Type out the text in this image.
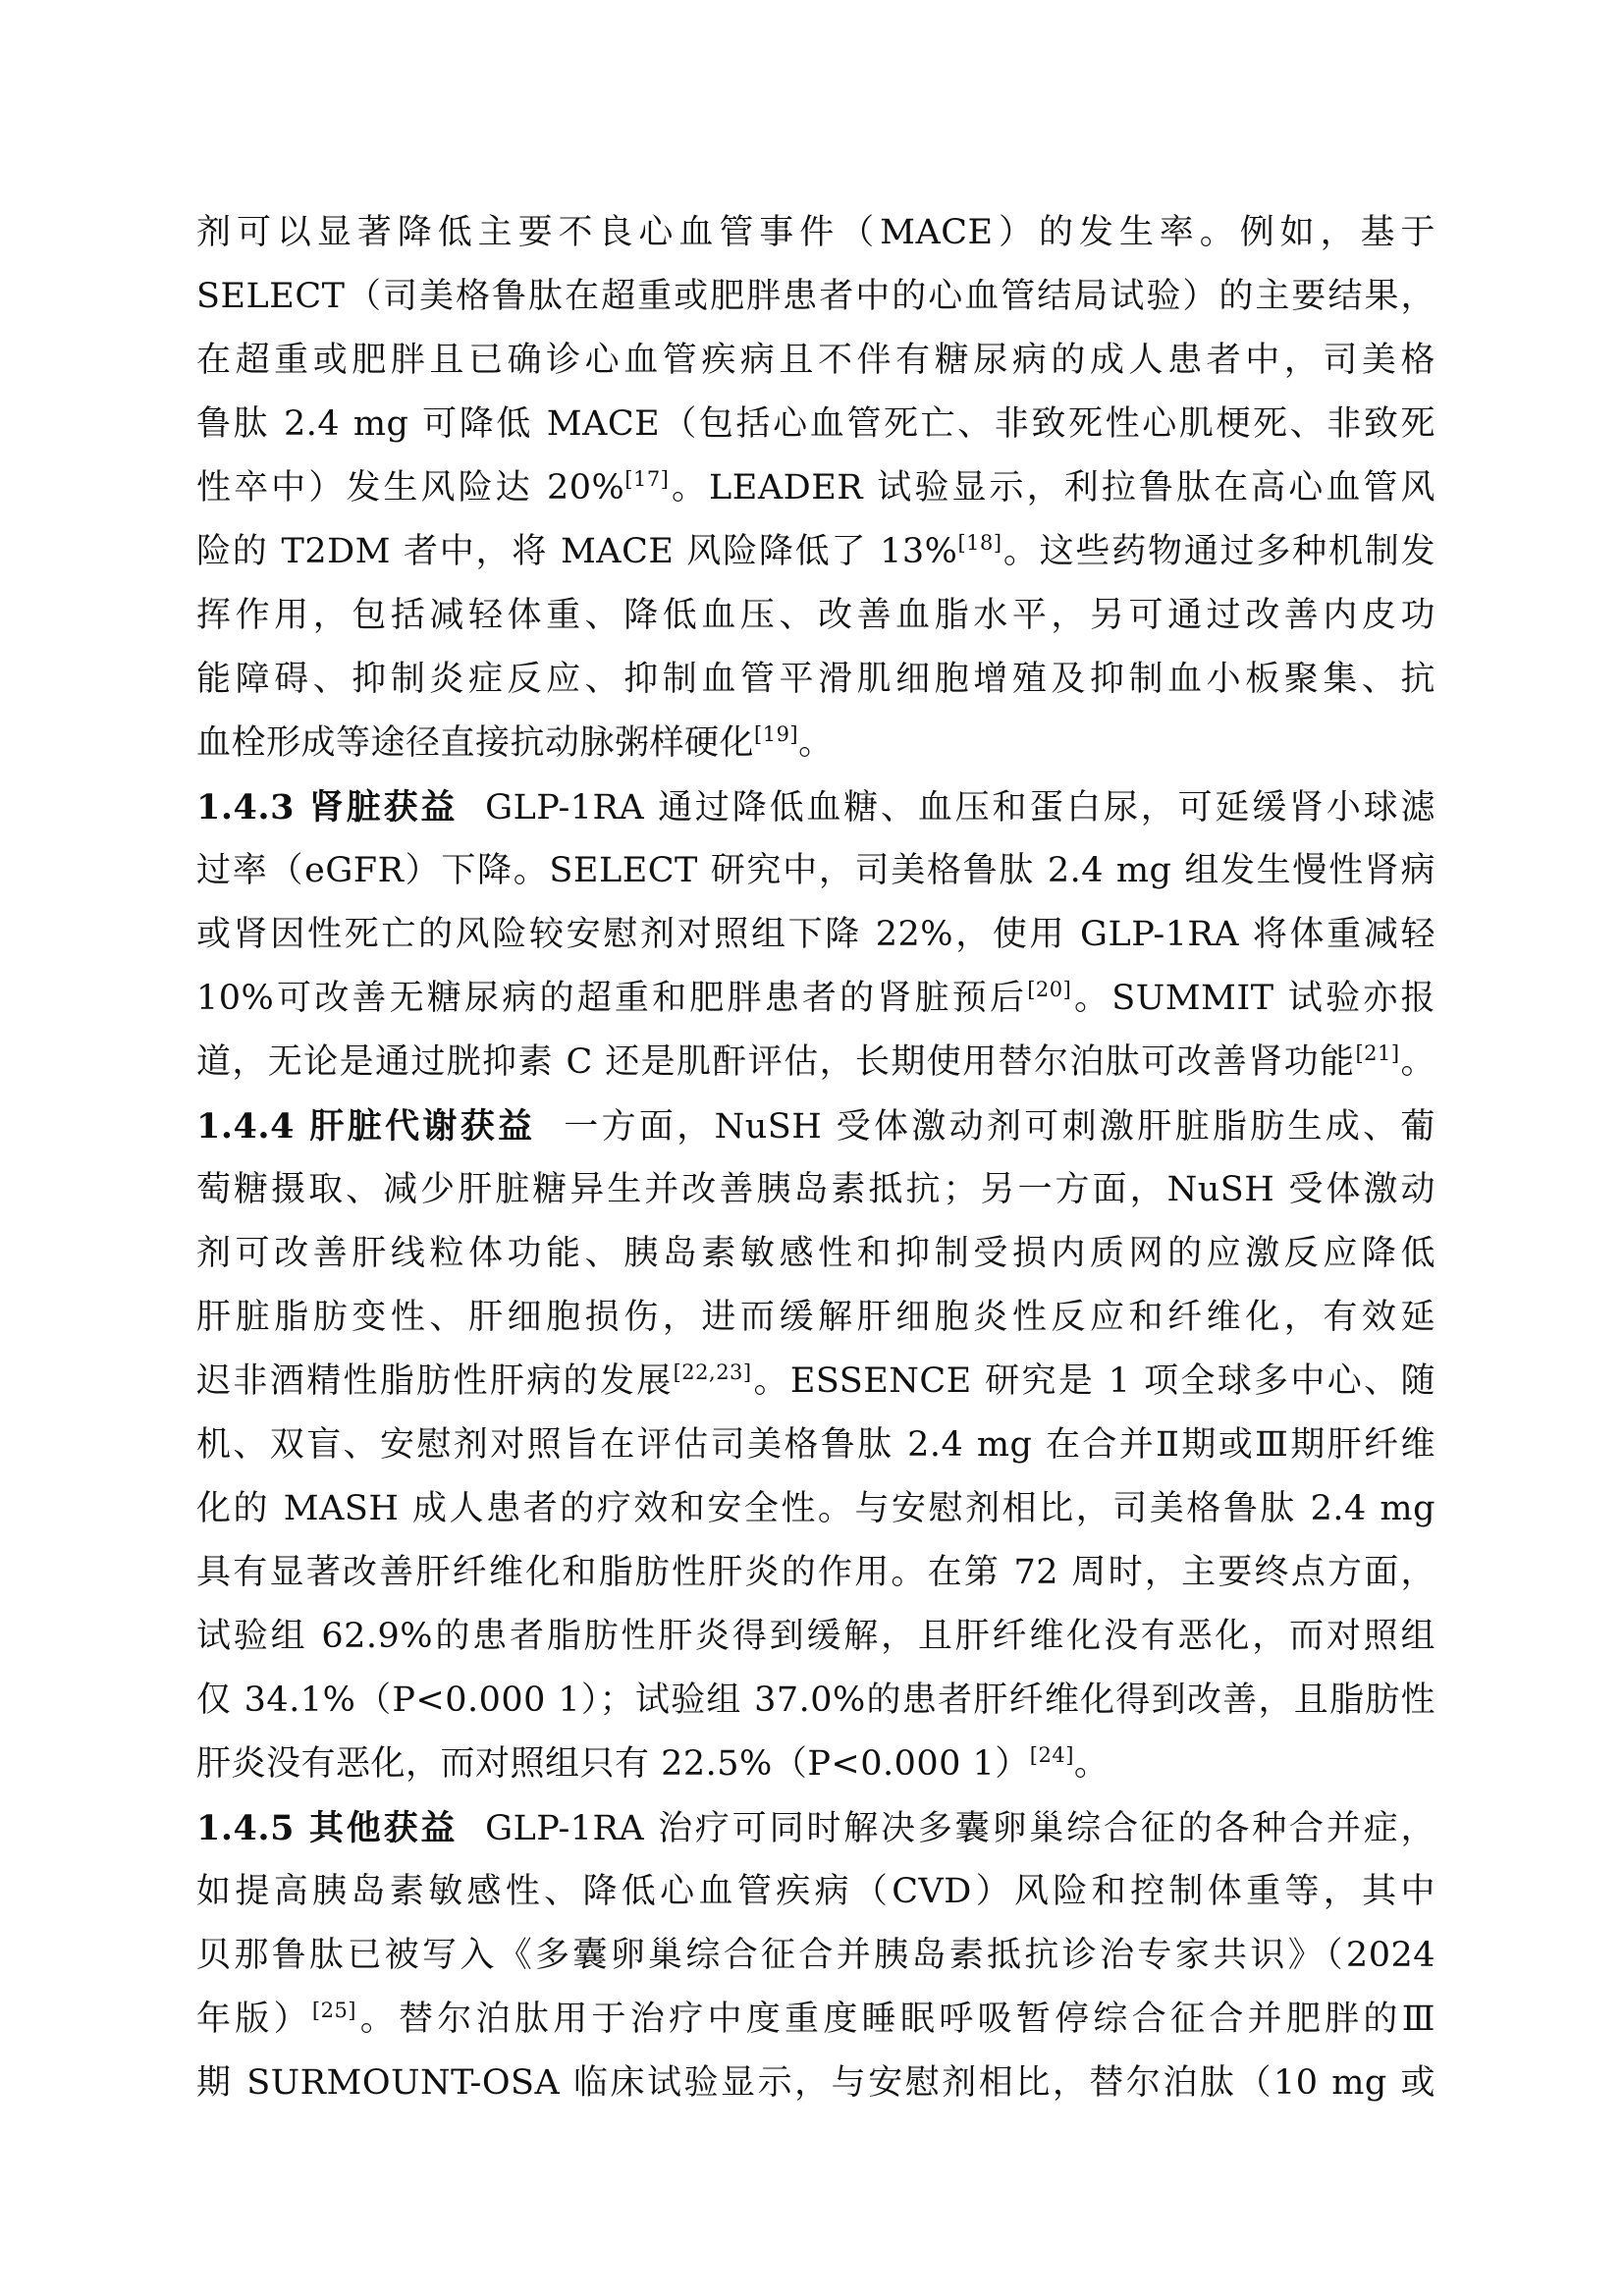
剂可以显著降低主要不良心血管事件（MACE）的发生率。例如，基于
SELECT（司美格鲁肽在超重或肥胖患者中的心血管结局试验）的主要结果，
在超重或肥胖且已确诊心血管疾病且不伴有糖尿病的成人患者中，司美格
鲁肽 2.4 mg 可降低 MACE（包括心血管死亡、非致死性心肌梗死、非致死
性卒中）发生风险达 20%[17]。LEADER 试验显示，利拉鲁肽在高心血管风
险的 T2DM 者中，将 MACE 风险降低了 13%[18]。这些药物通过多种机制发
挥作用，包括减轻体重、降低血压、改善血脂水平，另可通过改善内皮功
能障碍、抑制炎症反应、抑制血管平滑肌细胞增殖及抑制血小板聚集、抗
血栓形成等途径直接抗动脉粥样硬化[19]。
1.4.3 肾脏获益 GLP-1RA 通过降低血糖、血压和蛋白尿，可延缓肾小球滤
过率（eGFR）下降。SELECT 研究中，司美格鲁肽 2.4 mg 组发生慢性肾病
或肾因性死亡的风险较安慰剂对照组下降 22%，使用 GLP-1RA 将体重减轻
10%可改善无糖尿病的超重和肥胖患者的肾脏预后[20]。SUMMIT 试验亦报
道，无论是通过胱抑素 C 还是肌酐评估，长期使用替尔泊肽可改善肾功能[21]。
1.4.4 肝脏代谢获益 一方面，NuSH 受体激动剂可刺激肝脏脂肪生成、葡
萄糖摄取、减少肝脏糖异生并改善胰岛素抵抗；另一方面，NuSH 受体激动
剂可改善肝线粒体功能、胰岛素敏感性和抑制受损内质网的应激反应降低
肝脏脂肪变性、肝细胞损伤，进而缓解肝细胞炎性反应和纤维化，有效延
迟非酒精性脂肪性肝病的发展[22,23]。ESSENCE 研究是 1 项全球多中心、随
机、双盲、安慰剂对照旨在评估司美格鲁肽 2.4 mg 在合并Ⅱ期或Ⅲ期肝纤维
化的 MASH 成人患者的疗效和安全性。与安慰剂相比，司美格鲁肽 2.4 mg
具有显著改善肝纤维化和脂肪性肝炎的作用。在第 72 周时，主要终点方面，
试验组 62.9%的患者脂肪性肝炎得到缓解，且肝纤维化没有恶化，而对照组
仅 34.1%（P<0.000 1）；试验组 37.0%的患者肝纤维化得到改善，且脂肪性
肝炎没有恶化，而对照组只有 22.5%（P<0.000 1）[24]。
1.4.5 其他获益 GLP-1RA 治疗可同时解决多囊卵巢综合征的各种合并症，
如提高胰岛素敏感性、降低心血管疾病（CVD）风险和控制体重等，其中
贝那鲁肽已被写入《多囊卵巢综合征合并胰岛素抵抗诊治专家共识》（2024
年版）[25]。替尔泊肽用于治疗中度重度睡眠呼吸暂停综合征合并肥胖的Ⅲ
期 SURMOUNT-OSA 临床试验显示，与安慰剂相比，替尔泊肽（10 mg 或
